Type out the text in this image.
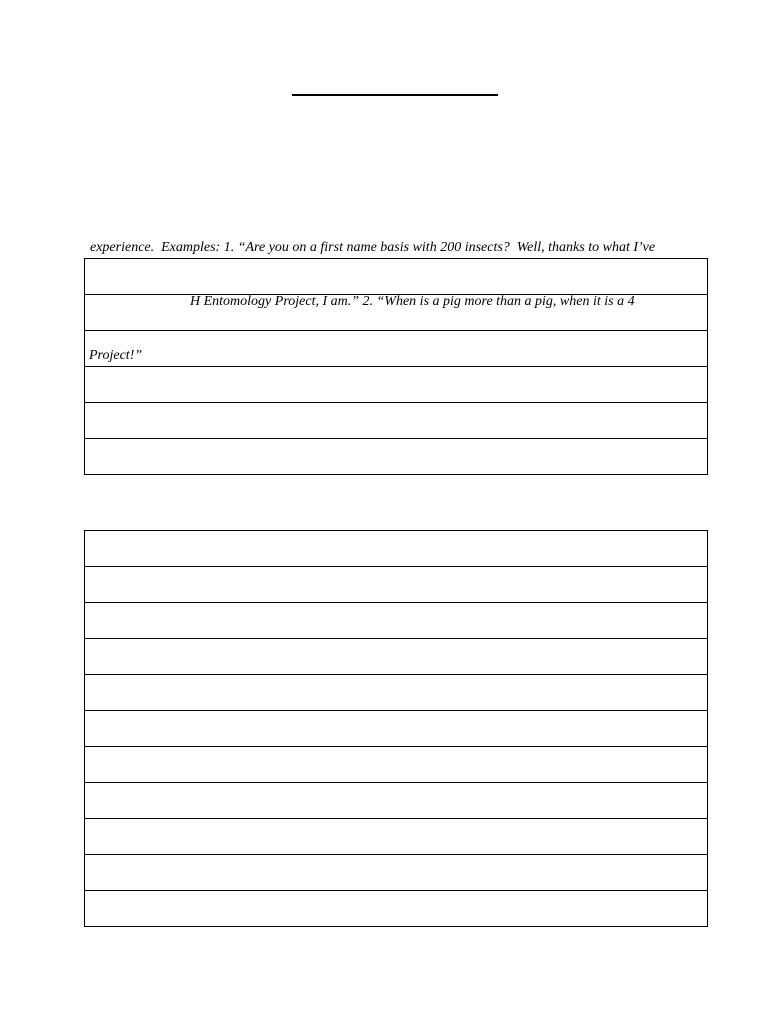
experience.  Examples: 1. “Are you on a first name basis with 200 insects?  Well, thanks to what I’ve

H Entomology Project, I am.” 2. “When is a pig more than a pig, when it is a 4

Project!”
